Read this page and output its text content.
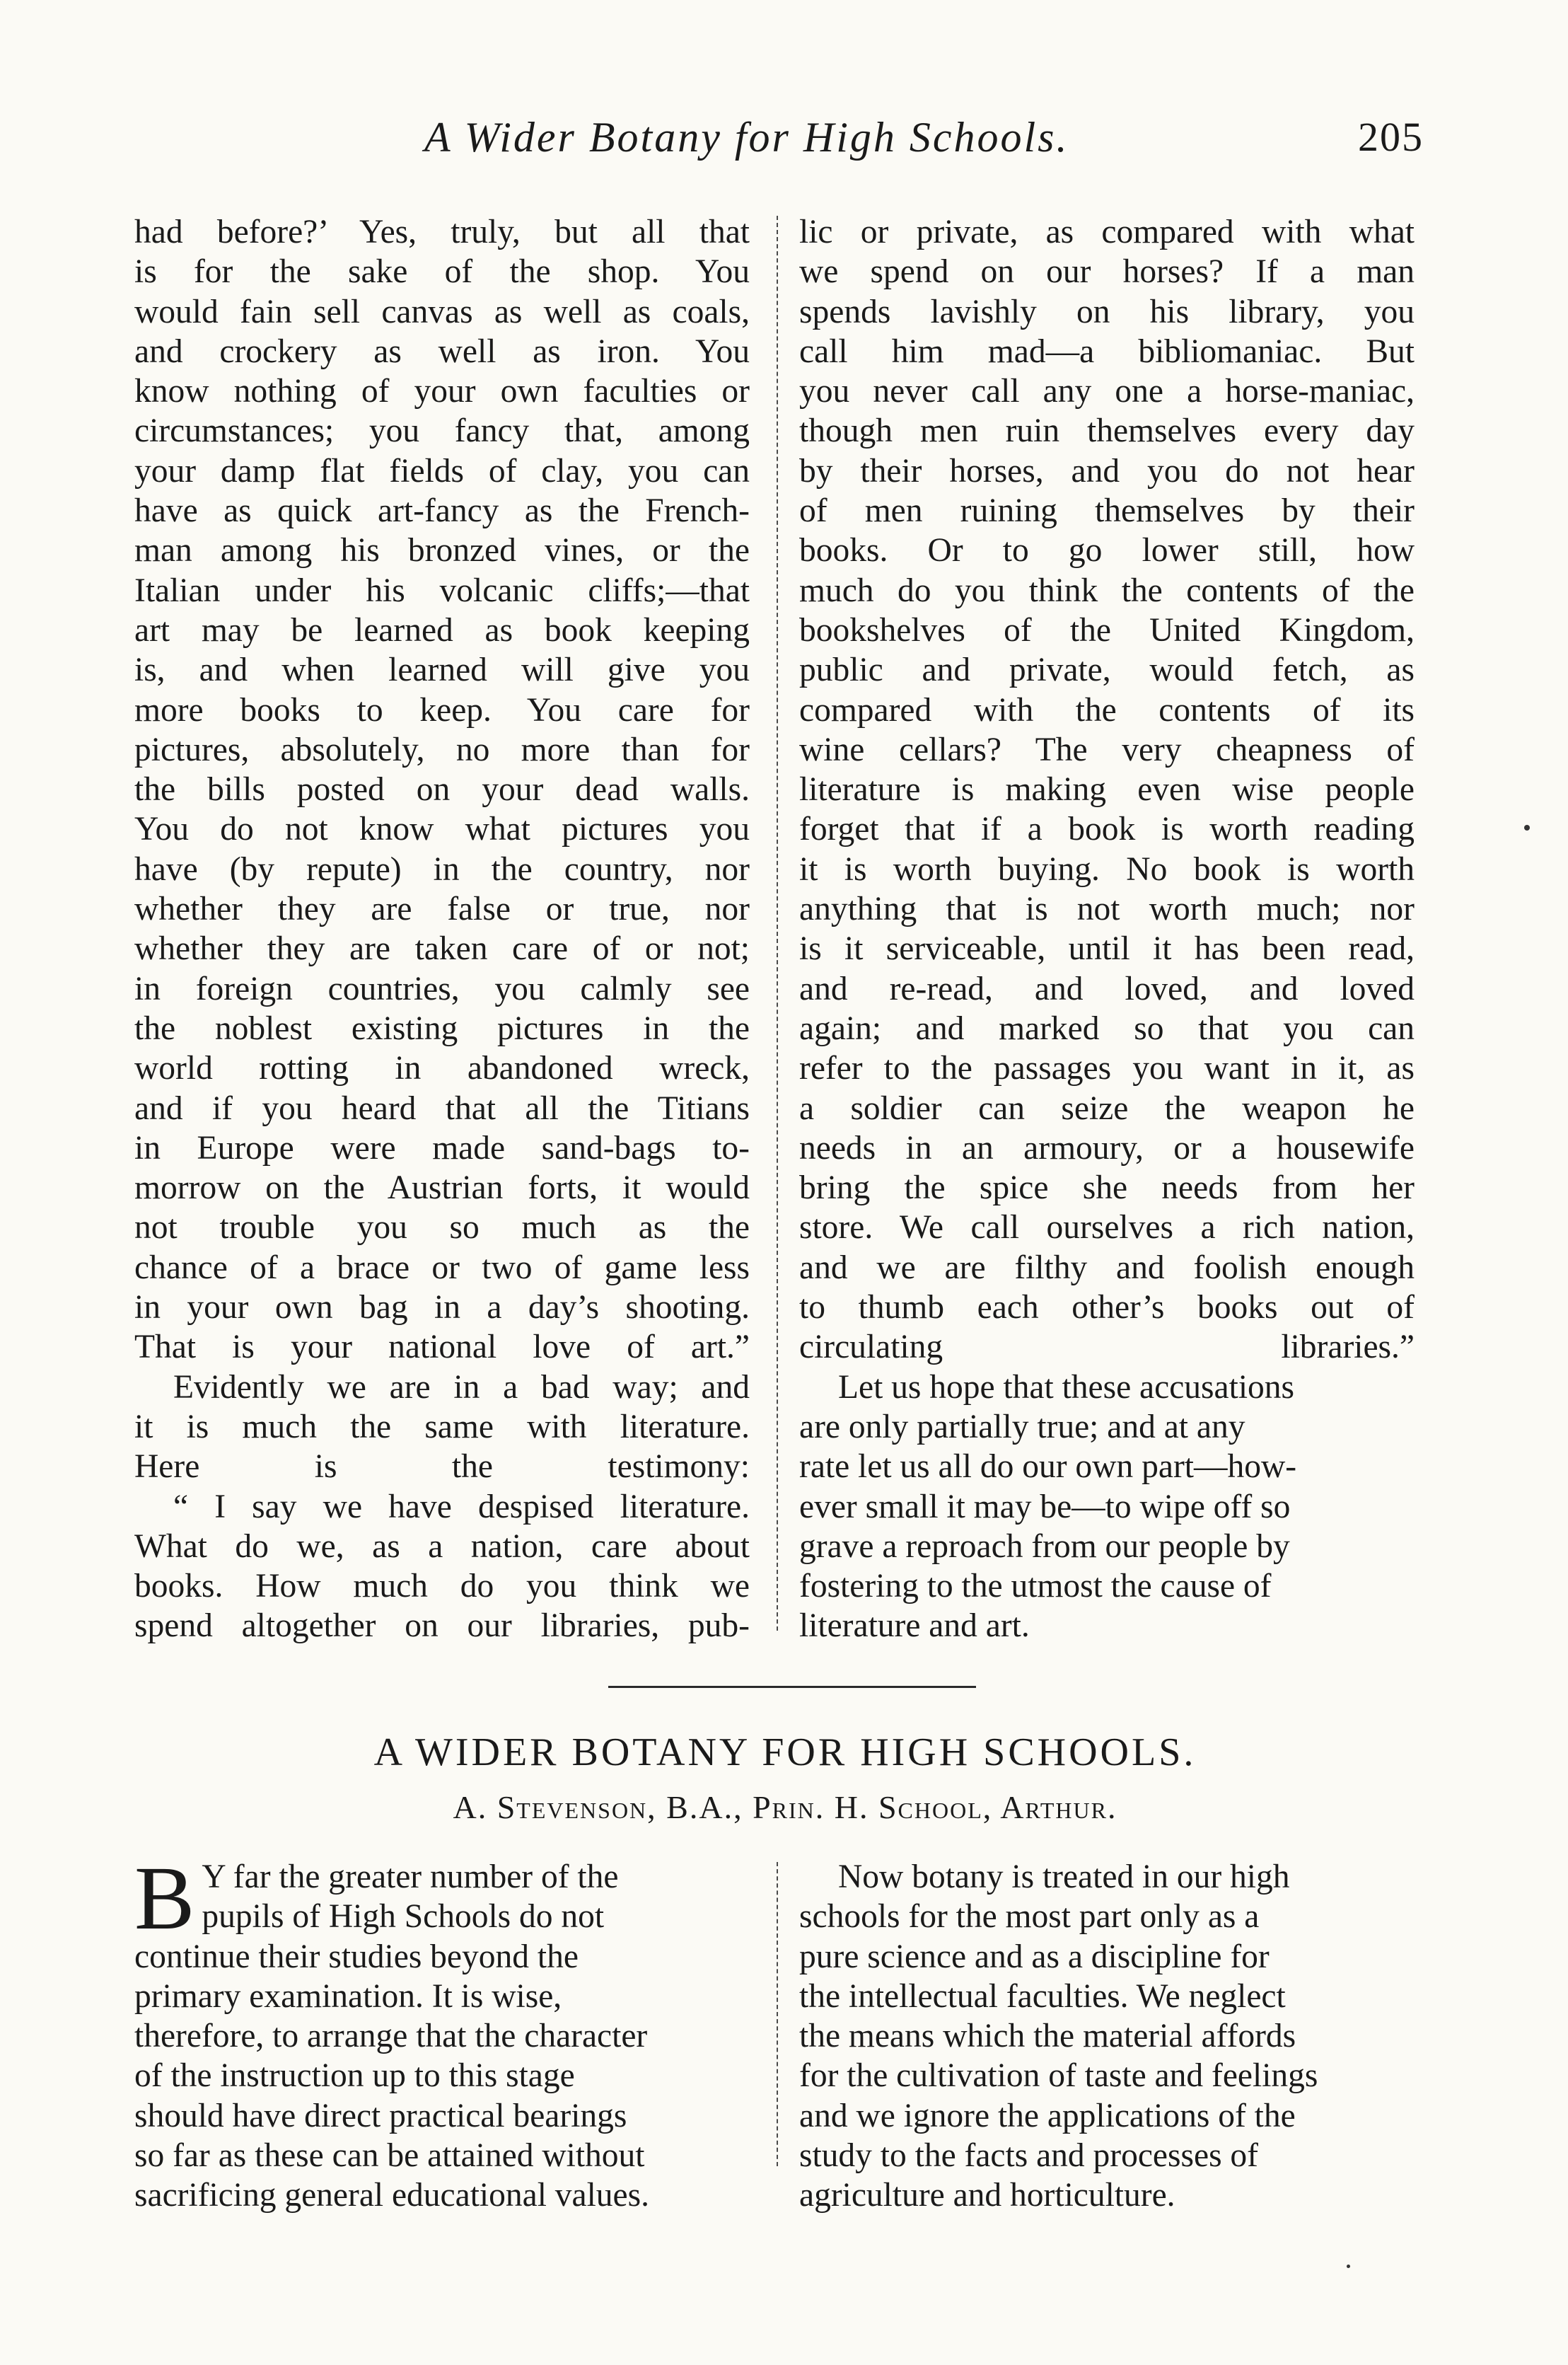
A Wider Botany for High Schools.	205

had before?’ Yes, truly, but all that
is for the sake of the shop. You
would fain sell canvas as well as coals,
and crockery as well as iron. You
know nothing of your own faculties or
circumstances; you fancy that, among
your damp flat fields of clay, you can
have as quick art-fancy as the French-
man among his bronzed vines, or the
Italian under his volcanic cliffs;—that
art may be learned as book keeping
is, and when learned will give you
more books to keep. You care for
pictures, absolutely, no more than for
the bills posted on your dead walls.
You do not know what pictures you
have (by repute) in the country, nor
whether they are false or true, nor
whether they are taken care of or not;
in foreign countries, you calmly see
the noblest existing pictures in the
world rotting in abandoned wreck,
and if you heard that all the Titians
in Europe were made sand-bags to-
morrow on the Austrian forts, it would
not trouble you so much as the
chance of a brace or two of game less
in your own bag in a day’s shooting.
That is your national love of art.”

Evidently we are in a bad way; and
it is much the same with literature.
Here is the testimony:

“ I say we have despised literature.
What do we, as a nation, care about
books. How much do you think we
spend altogether on our libraries, pub-

lic or private, as compared with what
we spend on our horses? If a man
spends lavishly on his library, you
call him mad—a bibliomaniac. But
you never call any one a horse-maniac,
though men ruin themselves every day
by their horses, and you do not hear
of men ruining themselves by their
books. Or to go lower still, how
much do you think the contents of the
bookshelves of the United Kingdom,
public and private, would fetch, as
compared with the contents of its
wine cellars? The very cheapness of
literature is making even wise people
forget that if a book is worth reading
it is worth buying. No book is worth
anything that is not worth much; nor
is it serviceable, until it has been read,
and re-read, and loved, and loved
again; and marked so that you can
refer to the passages you want in it, as
a soldier can seize the weapon he
needs in an armoury, or a housewife
bring the spice she needs from her
store. We call ourselves a rich nation,
and we are filthy and foolish enough
to thumb each other’s books out of
circulating libraries.”

Let us hope that these accusations
are only partially true; and at any
rate let us all do our own part—how-
ever small it may be—to wipe off so
grave a reproach from our people by
fostering to the utmost the cause of
literature and art.

A WIDER BOTANY FOR HIGH SCHOOLS.
A. Stevenson, B.A., Prin. H. School, Arthur.
B Y far the greater number of the
pupils of High Schools do not
continue their studies beyond the
primary examination. It is wise,
therefore, to arrange that the character
of the instruction up to this stage
should have direct practical bearings
so far as these can be attained without
sacrificing general educational values.

Now botany is treated in our high
schools for the most part only as a
pure science and as a discipline for
the intellectual faculties. We neglect
the means which the material affords
for the cultivation of taste and feelings
and we ignore the applications of the
study to the facts and processes of
agriculture and horticulture.
